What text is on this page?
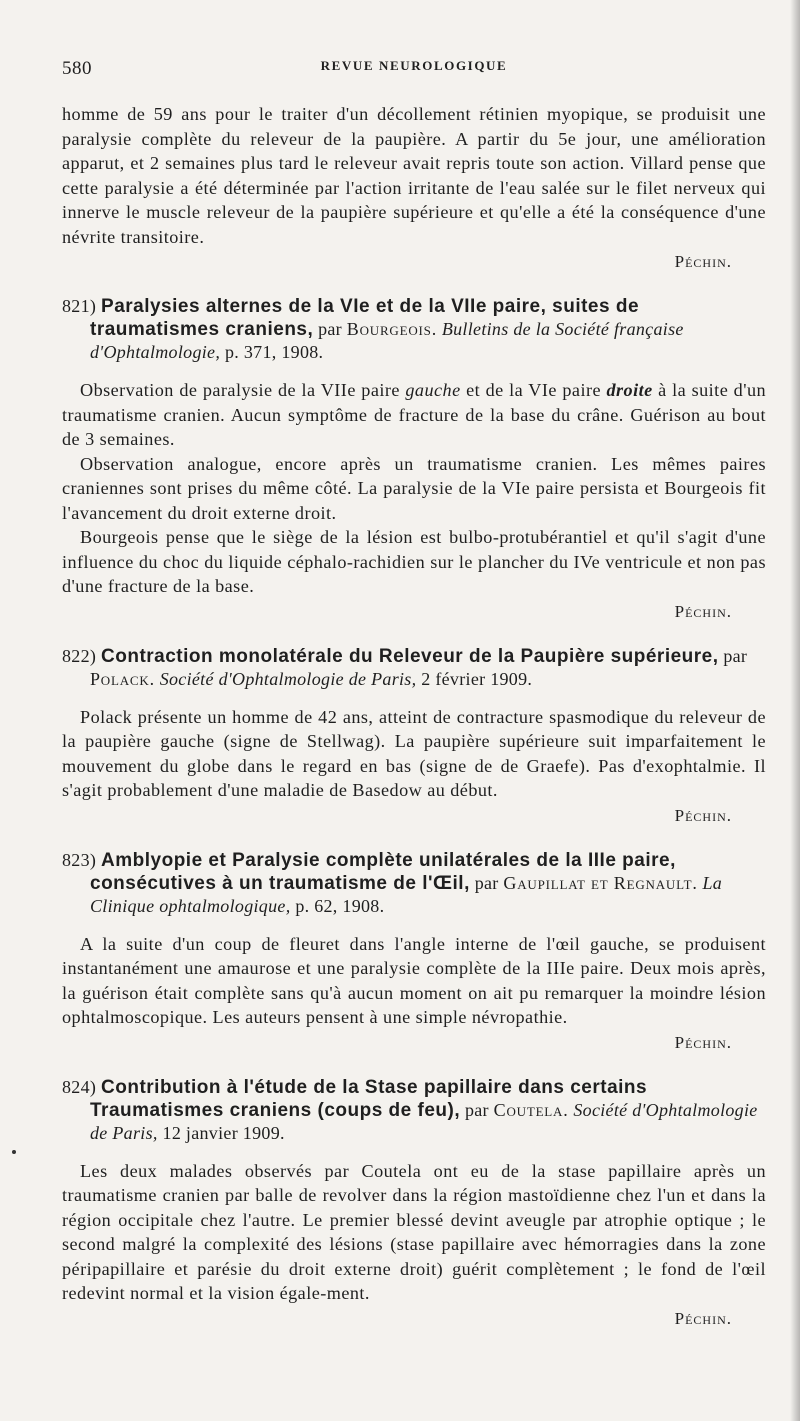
580	REVUE NEUROLOGIQUE

homme de 59 ans pour le traiter d'un décollement rétinien myopique, se produisit une paralysie complète du releveur de la paupière. A partir du 5e jour, une amélioration apparut, et 2 semaines plus tard le releveur avait repris toute son action. Villard pense que cette paralysie a été déterminée par l'action irritante de l'eau salée sur le filet nerveux qui innerve le muscle releveur de la paupière supérieure et qu'elle a été la conséquence d'une névrite transitoire.

Péchin.
821) Paralysies alternes de la VIe et de la VIIe paire, suites de traumatismes craniens, par Bourgeois. Bulletins de la Société française d'Ophtalmologie, p. 371, 1908.

Observation de paralysie de la VIIe paire gauche et de la VIe paire droite à la suite d'un traumatisme cranien. Aucun symptôme de fracture de la base du crâne. Guérison au bout de 3 semaines.

Observation analogue, encore après un traumatisme cranien. Les mêmes paires craniennes sont prises du même côté. La paralysie de la VIe paire persista et Bourgeois fit l'avancement du droit externe droit.

Bourgeois pense que le siège de la lésion est bulbo-protubérantiel et qu'il s'agit d'une influence du choc du liquide céphalo-rachidien sur le plancher du IVe ventricule et non pas d'une fracture de la base.

Péchin.
822) Contraction monolatérale du Releveur de la Paupière supérieure, par Polack. Société d'Ophtalmologie de Paris, 2 février 1909.

Polack présente un homme de 42 ans, atteint de contracture spasmodique du releveur de la paupière gauche (signe de Stellwag). La paupière supérieure suit imparfaitement le mouvement du globe dans le regard en bas (signe de de Graefe). Pas d'exophtalmie. Il s'agit probablement d'une maladie de Basedow au début.

Péchin.
823) Amblyopie et Paralysie complète unilatérales de la IIIe paire, consécutives à un traumatisme de l'Œil, par Gaupillat et Regnault. La Clinique ophtalmologique, p. 62, 1908.

A la suite d'un coup de fleuret dans l'angle interne de l'œil gauche, se produisent instantanément une amaurose et une paralysie complète de la IIIe paire. Deux mois après, la guérison était complète sans qu'à aucun moment on ait pu remarquer la moindre lésion ophtalmoscopique. Les auteurs pensent à une simple névropathie.

Péchin.
824) Contribution à l'étude de la Stase papillaire dans certains Traumatismes craniens (coups de feu), par Coutela. Société d'Ophtalmologie de Paris, 12 janvier 1909.

Les deux malades observés par Coutela ont eu de la stase papillaire après un traumatisme cranien par balle de revolver dans la région mastoïdienne chez l'un et dans la région occipitale chez l'autre. Le premier blessé devint aveugle par atrophie optique ; le second malgré la complexité des lésions (stase papillaire avec hémorragies dans la zone péripapillaire et parésie du droit externe droit) guérit complètement ; le fond de l'œil redevint normal et la vision égale-ment.

Péchin.
